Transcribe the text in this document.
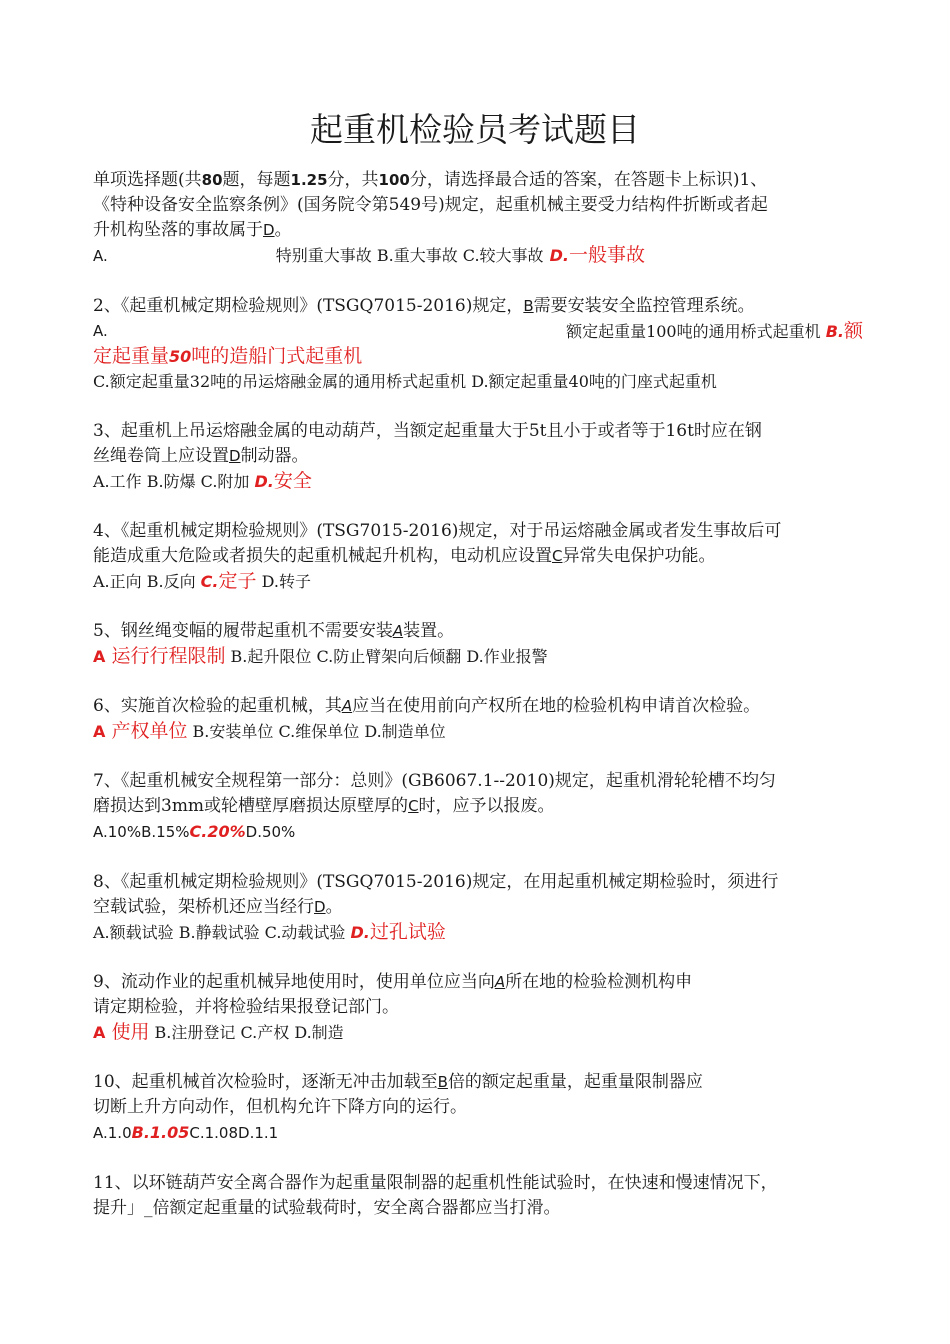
起重机检验员考试题目
单项选择题(共80题，每题1.25分，共100分，请选择最合适的答案，在答题卡上标识)1、
《特种设备安全监察条例》(国务院令第549号)规定，起重机械主要受力结构件折断或者起
升机构坠落的事故属于D。
A.	特别重大事故 B.重大事故 C.较大事故 D.一般事故
2、《起重机械定期检验规则》(TSGQ7015-2016)规定，B需要安装安全监控管理系统。
A.	额定起重量100吨的通用桥式起重机 B.额
定起重量50吨的造船门式起重机
C.额定起重量32吨的吊运熔融金属的通用桥式起重机 D.额定起重量40吨的门座式起重机
3、起重机上吊运熔融金属的电动葫芦，当额定起重量大于5t且小于或者等于16t时应在钢
丝绳卷筒上应设置D制动器。
A.工作 B.防爆 C.附加 D.安全
4、《起重机械定期检验规则》(TSG7015-2016)规定，对于吊运熔融金属或者发生事故后可
能造成重大危险或者损失的起重机械起升机构，电动机应设置C异常失电保护功能。
A.正向 B.反向 C.定子 D.转子
5、钢丝绳变幅的履带起重机不需要安装A装置。
A 运行行程限制 B.起升限位 C.防止臂架向后倾翻 D.作业报警
6、实施首次检验的起重机械，其A应当在使用前向产权所在地的检验机构申请首次检验。
A 产权单位 B.安装单位 C.维保单位 D.制造单位
7、《起重机械安全规程第一部分：总则》(GB6067.1--2010)规定，起重机滑轮轮槽不均匀
磨损达到3mm或轮槽壁厚磨损达原壁厚的C时，应予以报废。
A.10%B.15%C.20%D.50%
8、《起重机械定期检验规则》(TSGQ7015-2016)规定，在用起重机械定期检验时，须进行
空载试验，架桥机还应当经行D。
A.额载试验 B.静载试验 C.动载试验 D.过孔试验
9、流动作业的起重机械异地使用时，使用单位应当向A所在地的检验检测机构申
请定期检验，并将检验结果报登记部门。
A 使用 B.注册登记 C.产权 D.制造
10、起重机械首次检验时，逐渐无冲击加载至B倍的额定起重量，起重量限制器应
切断上升方向动作，但机构允许下降方向的运行。
A.1.0B.1.05C.1.08D.1.1
11、以环链葫芦安全离合器作为起重量限制器的起重机性能试验时，在快速和慢速情况下，
提升」_倍额定起重量的试验载荷时，安全离合器都应当打滑。
